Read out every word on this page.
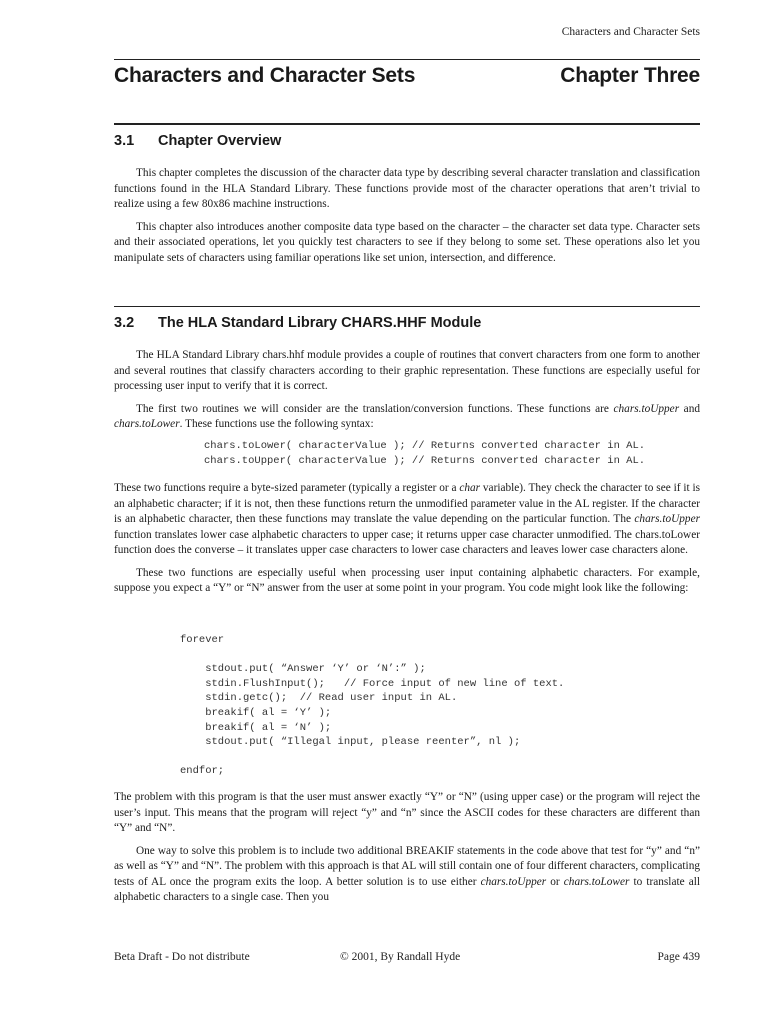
Characters and Character Sets
Characters and Character Sets	Chapter Three
3.1 Chapter Overview

This chapter completes the discussion of the character data type by describing several character translation and classification functions found in the HLA Standard Library. These functions provide most of the character operations that aren’t trivial to realize using a few 80x86 machine instructions.

This chapter also introduces another composite data type based on the character – the character set data type. Character sets and their associated operations, let you quickly test characters to see if they belong to some set. These operations also let you manipulate sets of characters using familiar operations like set union, intersection, and difference.

3.2 The HLA Standard Library CHARS.HHF Module

The HLA Standard Library chars.hhf module provides a couple of routines that convert characters from one form to another and several routines that classify characters according to their graphic representation. These functions are especially useful for processing user input to verify that it is correct.

The first two routines we will consider are the translation/conversion functions. These functions are chars.toUpper and chars.toLower. These functions use the following syntax:

chars.toLower( characterValue ); // Returns converted character in AL.
chars.toUpper( characterValue ); // Returns converted character in AL.

These two functions require a byte-sized parameter (typically a register or a char variable). They check the character to see if it is an alphabetic character; if it is not, then these functions return the unmodified parameter value in the AL register. If the character is an alphabetic character, then these functions may translate the value depending on the particular function. The chars.toUpper function translates lower case alphabetic characters to upper case; it returns upper case character unmodified. The chars.toLower function does the converse – it translates upper case characters to lower case characters and leaves lower case characters alone.

These two functions are especially useful when processing user input containing alphabetic characters. For example, suppose you expect a “Y” or “N” answer from the user at some point in your program. You code might look like the following:

forever

stdout.put( “Answer ‘Y’ or ‘N’:” );
stdin.FlushInput();   // Force input of new line of text.
stdin.getc();  // Read user input in AL.
breakif( al = ‘Y’ );
breakif( al = ‘N’ );
stdout.put( “Illegal input, please reenter”, nl );

endfor;

The problem with this program is that the user must answer exactly “Y” or “N” (using upper case) or the program will reject the user’s input. This means that the program will reject “y” and “n” since the ASCII codes for these characters are different than “Y” and “N”.

One way to solve this problem is to include two additional BREAKIF statements in the code above that test for “y” and “n” as well as “Y” and “N”. The problem with this approach is that AL will still contain one of four different characters, complicating tests of AL once the program exits the loop. A better solution is to use either chars.toUpper or chars.toLower to translate all alphabetic characters to a single case. Then you

Beta Draft - Do not distribute	© 2001, By Randall Hyde	Page 439
